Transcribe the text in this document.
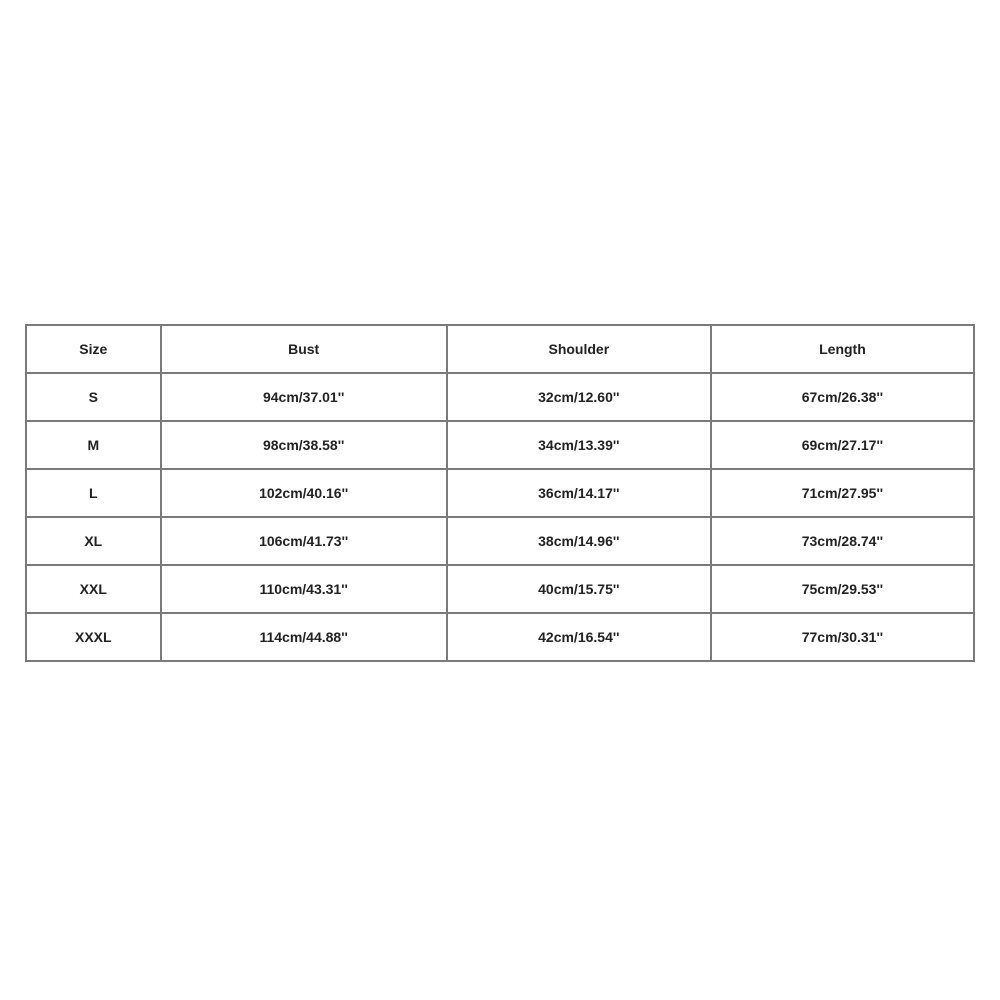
Size	Bust	Shoulder	Length
S	94cm/37.01''	32cm/12.60''	67cm/26.38''
M	98cm/38.58''	34cm/13.39''	69cm/27.17''
L	102cm/40.16''	36cm/14.17''	71cm/27.95''
XL	106cm/41.73''	38cm/14.96''	73cm/28.74''
XXL	110cm/43.31''	40cm/15.75''	75cm/29.53''
XXXL	114cm/44.88''	42cm/16.54''	77cm/30.31''
